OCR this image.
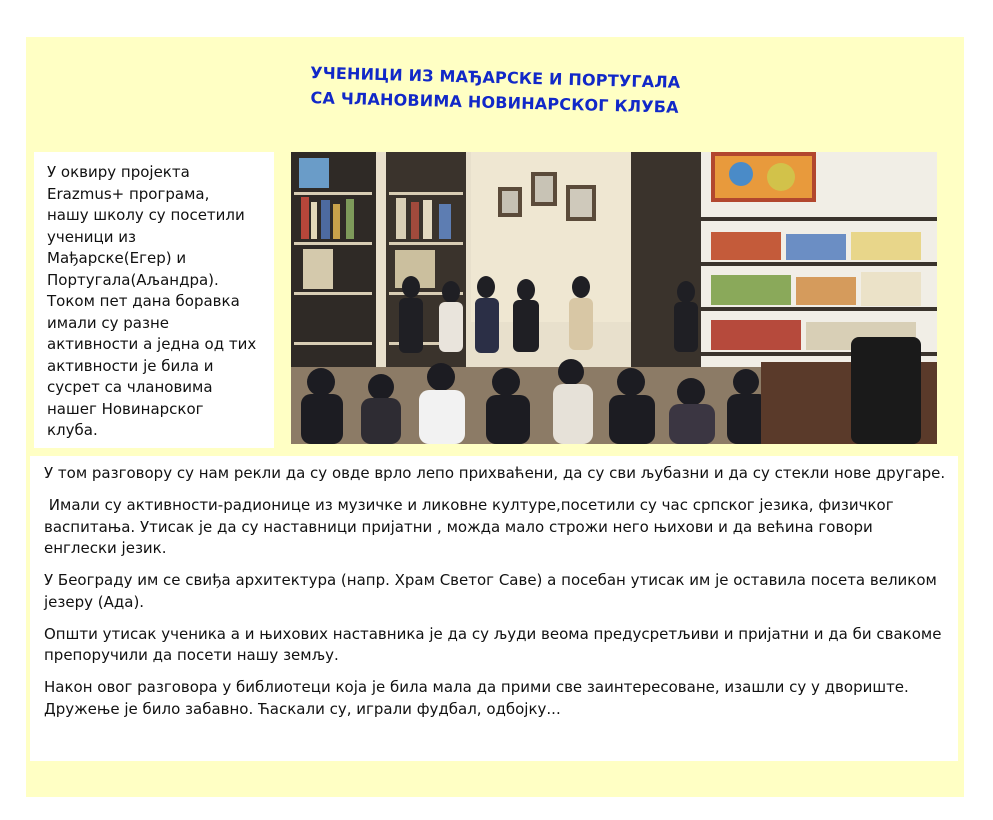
УЧЕНИЦИ ИЗ МАЂАРСКЕ И ПОРТУГАЛА
СА ЧЛАНОВИМА НОВИНАРСКОГ КЛУБА
У оквиру пројекта
Erazmus+ програма,
нашу школу су посетили
ученици из
Мађарске(Егер) и
Португала(Аљандра).
Током пет дана боравка
имали су разне
активности а једна од тих
активности је била и
сусрет са члановима
нашег Новинарског
клуба.

У том разговору су нам рекли да су овде врло лепо прихваћени, да су сви љубазни и да су стекли нове другаре.

Имали су активности-радионице из музичке и ликовне културе,посетили су час српског језика, физичког васпитања. Утисак је да су наставници пријатни , можда мало строжи него њихови и да већина говори енглески језик.

У Београду им се свиђа архитектура (напр. Храм Светог Саве) а посебан утисак им је оставила посета великом језеру (Ада).

Општи утисак ученика а и њихових наставника је да су људи веома предусретљиви и пријатни и да би свакоме препоручили да посети нашу земљу.

Након овог разговора у библиотеци која је била мала да прими све заинтересоване, изашли су у двориште. Дружење је било забавно. Ћаскали су, играли фудбал, одбојку...
